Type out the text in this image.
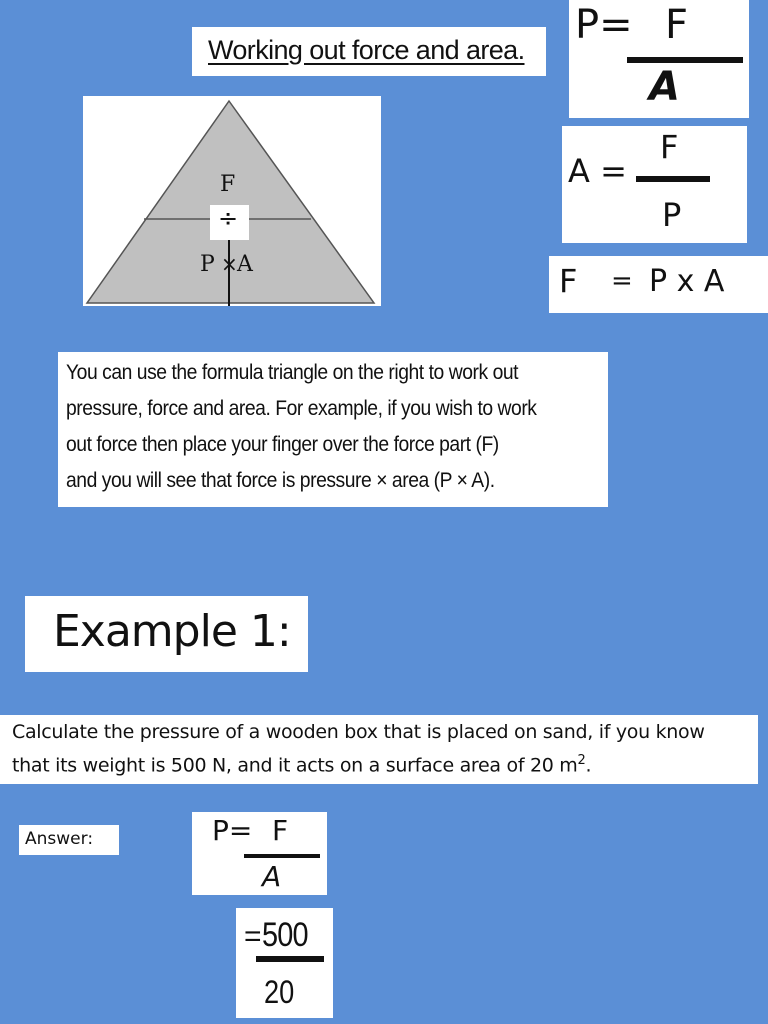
Working out force and area.
P= F
A
A =
F
P
F = P x A
F
÷
P × A
You can use the formula triangle on the right to work out
pressure, force and area. For example, if you wish to work
out force then place your finger over the force part (F)
and you will see that force is pressure × area (P × A).
Example 1:
Calculate the pressure of a wooden box that is placed on sand, if you know
that its weight is 500 N, and it acts on a surface area of 20 $m^2$.
Answer:	P= F
A
= 500
20
